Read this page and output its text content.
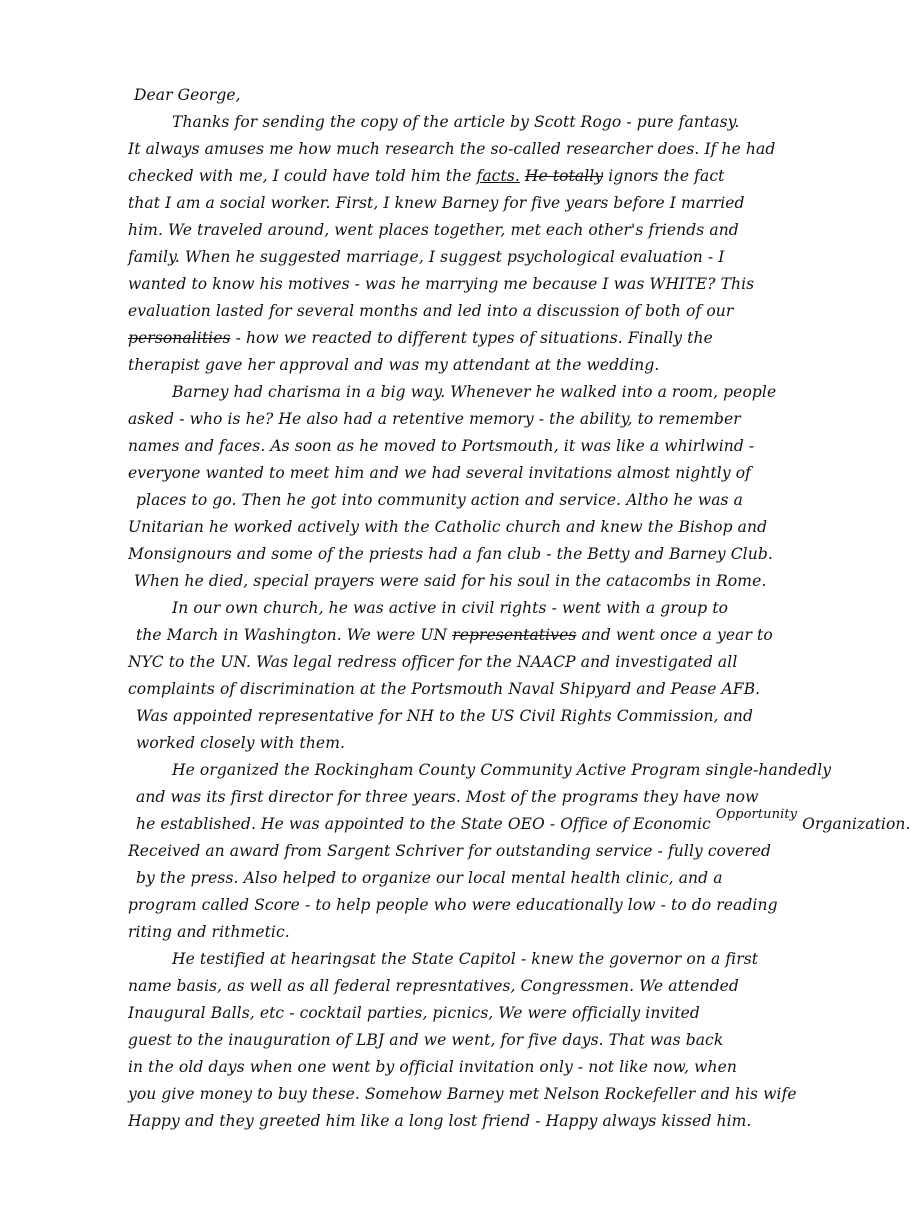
Dear George,
Thanks for sending the copy of the article by Scott Rogo - pure fantasy.
It always amuses me how much research the so-called researcher does. If he had
checked with me, I could have told him the facts. He totally ignors the fact
that I am a social worker. First, I knew Barney for five years before I married
him. We traveled around, went places together, met each other's friends and
family. When he suggested marriage, I suggest psychological evaluation - I
wanted to know his motives - was he marrying me because I was WHITE? This
evaluation lasted for several months and led into a discussion of both of our
personalities - how we reacted to different types of situations. Finally the
therapist gave her approval and was my attendant at the wedding.
Barney had charisma in a big way. Whenever he walked into a room, people
asked - who is he? He also had a retentive memory - the ability, to remember
names and faces. As soon as he moved to Portsmouth, it was like a whirlwind -
everyone wanted to meet him and we had several invitations almost nightly of
places to go. Then he got into community action and service. Altho he was a
Unitarian he worked actively with the Catholic church and knew the Bishop and
Monsignours and some of the priests had a fan club - the Betty and Barney Club.
When he died, special prayers were said for his soul in the catacombs in Rome.
In our own church, he was active in civil rights - went with a group to
the March in Washington. We were UN representatives and went once a year to
NYC to the UN. Was legal redress officer for the NAACP and investigated all
complaints of discrimination at the Portsmouth Naval Shipyard and Pease AFB.
Was appointed representative for NH to the US Civil Rights Commission, and
worked closely with them.
He organized the Rockingham County Community Active Program single-handedly
and was its first director for three years. Most of the programs they have now
he established. He was appointed to the State OEO - Office of Economic $^{Opportunity}$ Organization.
Received an award from Sargent Schriver for outstanding service - fully covered
by the press. Also helped to organize our local mental health clinic, and a
program called Score - to help people who were educationally low - to do reading
riting and rithmetic.
He testified at hearingsat the State Capitol - knew the governor on a first
name basis, as well as all federal represntatives, Congressmen. We attended
Inaugural Balls, etc - cocktail parties, picnics, We were officially invited
guest to the inauguration of LBJ and we went, for five days. That was back
in the old days when one went by official invitation only - not like now, when
you give money to buy these. Somehow Barney met Nelson Rockefeller and his wife
Happy and they greeted him like a long lost friend - Happy always kissed him.
